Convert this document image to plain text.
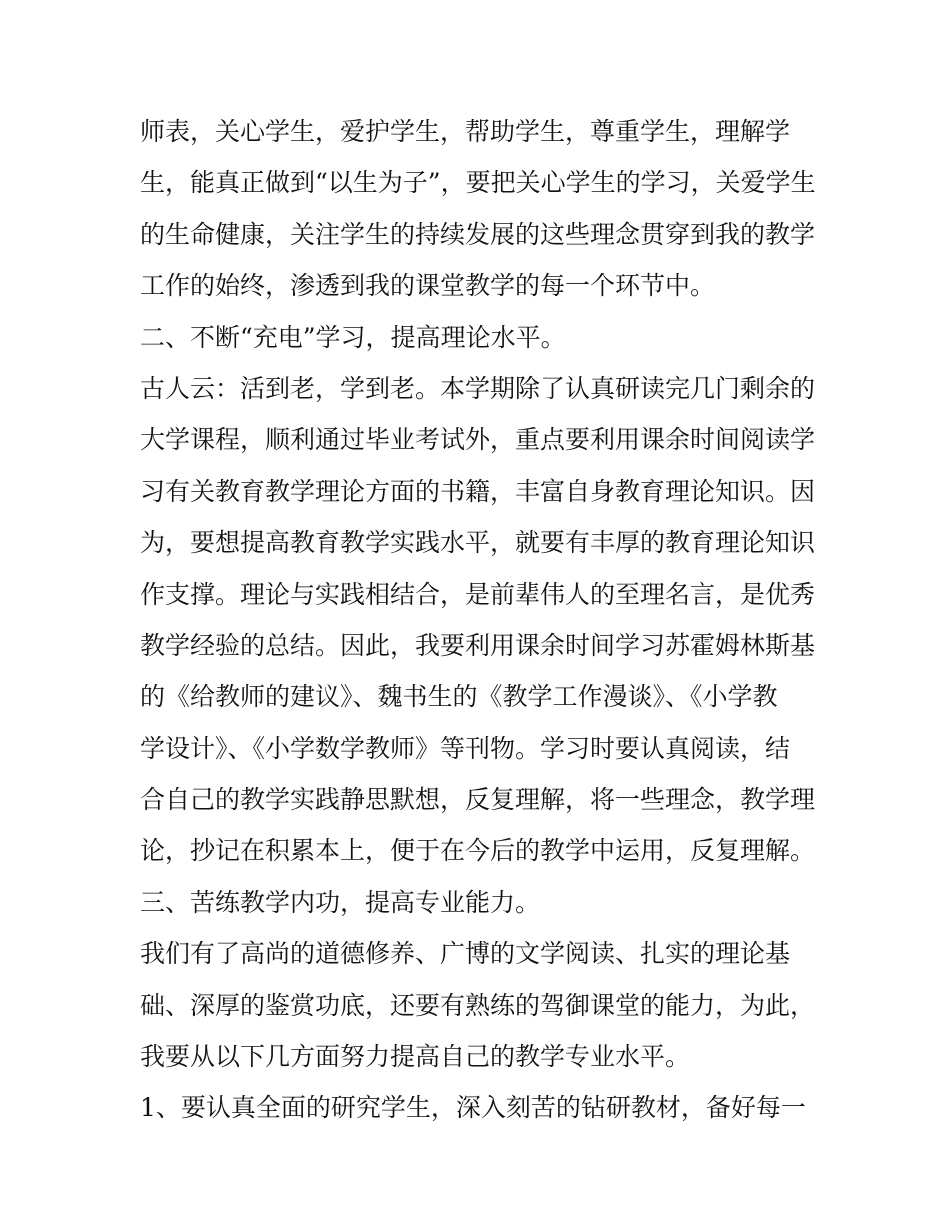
师表，关心学生，爱护学生，帮助学生，尊重学生，理解学
生，能真正做到“以生为子”，要把关心学生的学习，关爱学生
的生命健康，关注学生的持续发展的这些理念贯穿到我的教学
工作的始终，渗透到我的课堂教学的每一个环节中。
二、不断“充电”学习，提高理论水平。
古人云：活到老，学到老。本学期除了认真研读完几门剩余的
大学课程，顺利通过毕业考试外，重点要利用课余时间阅读学
习有关教育教学理论方面的书籍，丰富自身教育理论知识。因
为，要想提高教育教学实践水平，就要有丰厚的教育理论知识
作支撑。理论与实践相结合，是前辈伟人的至理名言，是优秀
教学经验的总结。因此，我要利用课余时间学习苏霍姆林斯基
的《给教师的建议》、魏书生的《教学工作漫谈》、《小学教
学设计》、《小学数学教师》等刊物。学习时要认真阅读，结
合自己的教学实践静思默想，反复理解，将一些理念，教学理
论，抄记在积累本上，便于在今后的教学中运用，反复理解。
三、苦练教学内功，提高专业能力。
我们有了高尚的道德修养、广博的文学阅读、扎实的理论基
础、深厚的鉴赏功底，还要有熟练的驾御课堂的能力，为此，
我要从以下几方面努力提高自己的教学专业水平。
1、要认真全面的研究学生，深入刻苦的钻研教材，备好每一
